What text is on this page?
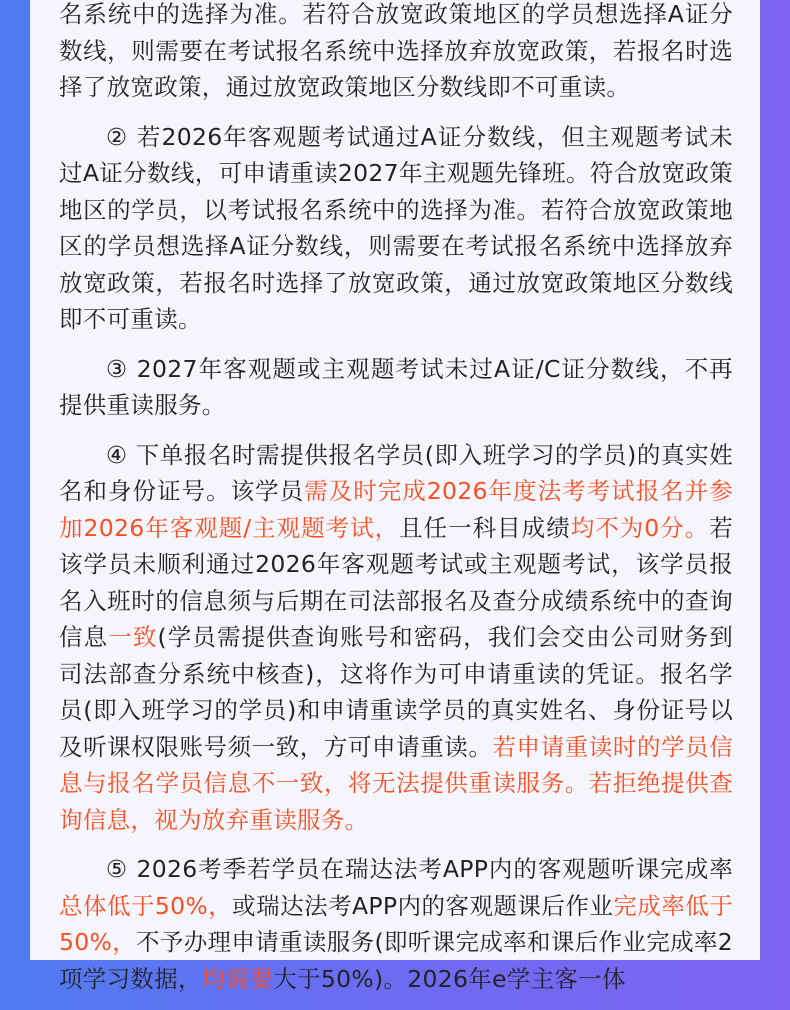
名系统中的选择为准。若符合放宽政策地区的学员想选择A证分数线，则需要在考试报名系统中选择放弃放宽政策，若报名时选择了放宽政策，通过放宽政策地区分数线即不可重读。

② 若2026年客观题考试通过A证分数线，但主观题考试未过A证分数线，可申请重读2027年主观题先锋班。符合放宽政策地区的学员，以考试报名系统中的选择为准。若符合放宽政策地区的学员想选择A证分数线，则需要在考试报名系统中选择放弃放宽政策，若报名时选择了放宽政策，通过放宽政策地区分数线即不可重读。

③ 2027年客观题或主观题考试未过A证/C证分数线，不再提供重读服务。

④ 下单报名时需提供报名学员(即入班学习的学员)的真实姓名和身份证号。该学员需及时完成2026年度法考考试报名并参加2026年客观题/主观题考试，且任一科目成绩均不为0分。若该学员未顺利通过2026年客观题考试或主观题考试，该学员报名入班时的信息须与后期在司法部报名及查分成绩系统中的查询信息一致(学员需提供查询账号和密码，我们会交由公司财务到司法部查分系统中核查)，这将作为可申请重读的凭证。报名学员(即入班学习的学员)和申请重读学员的真实姓名、身份证号以及听课权限账号须一致，方可申请重读。若申请重读时的学员信息与报名学员信息不一致，将无法提供重读服务。若拒绝提供查询信息，视为放弃重读服务。

⑤ 2026考季若学员在瑞达法考APP内的客观题听课完成率总体低于50%，或瑞达法考APP内的客观题课后作业完成率低于50%，不予办理申请重读服务(即听课完成率和课后作业完成率2项学习数据，均需要大于50%)。2026年e学主客一体
